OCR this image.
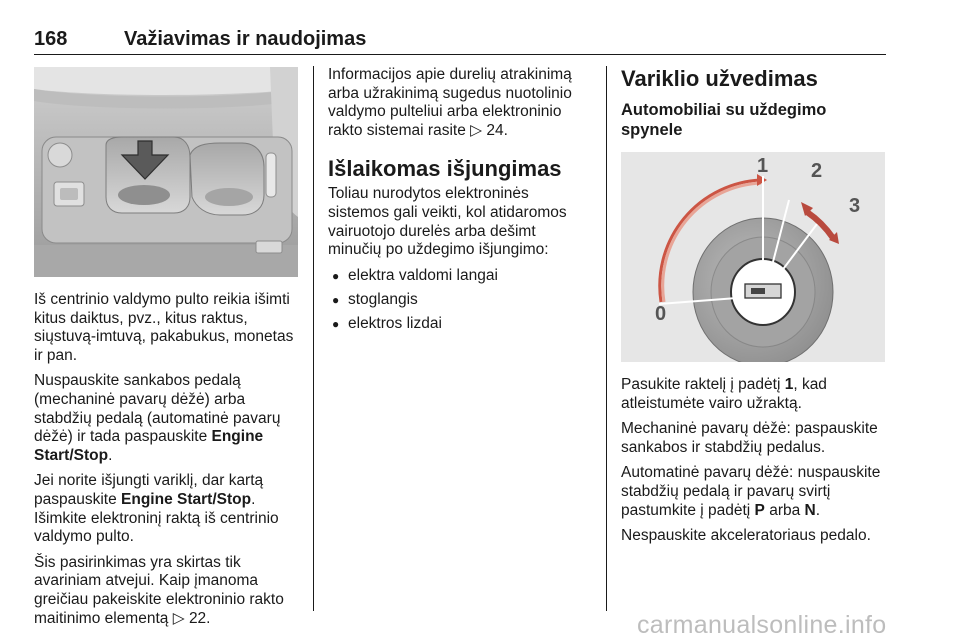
168	Važiavimas ir naudojimas

Iš centrinio valdymo pulto reikia išimti kitus daiktus, pvz., kitus raktus, siųstuvą-imtuvą, pakabukus, monetas ir pan.

Nuspauskite sankabos pedalą (mechaninė pavarų dėžė) arba stabdžių pedalą (automatinė pavarų dėžė) ir tada paspauskite Engine Start/Stop.

Jei norite išjungti variklį, dar kartą paspauskite Engine Start/Stop. Išimkite elektroninį raktą iš centrinio valdymo pulto.

Šis pasirinkimas yra skirtas tik avariniam atvejui. Kaip įmanoma greičiau pakeiskite elektroninio rakto maitinimo elementą ▷ 22.

Informacijos apie durelių atrakinimą arba užrakinimą sugedus nuotolinio valdymo pulteliui arba elektroninio rakto sistemai rasite ▷ 24.

Išlaikomas išjungimas

Toliau nurodytos elektroninės sistemos gali veikti, kol atidaromos vairuotojo durelės arba dešimt minučių po uždegimo išjungimo:

● elektra valdomi langai
● stoglangis
● elektros lizdai
Variklio užvedimas
Automobiliai su uždegimo spynele
0
1 2
3

Pasukite raktelį į padėtį 1, kad atleistumėte vairo užraktą.

Mechaninė pavarų dėžė: paspauskite sankabos ir stabdžių pedalus.

Automatinė pavarų dėžė: nuspauskite stabdžių pedalą ir pavarų svirtį pastumkite į padėtį P arba N.

Nespauskite akceleratoriaus pedalo.

carmanualsonline.info
